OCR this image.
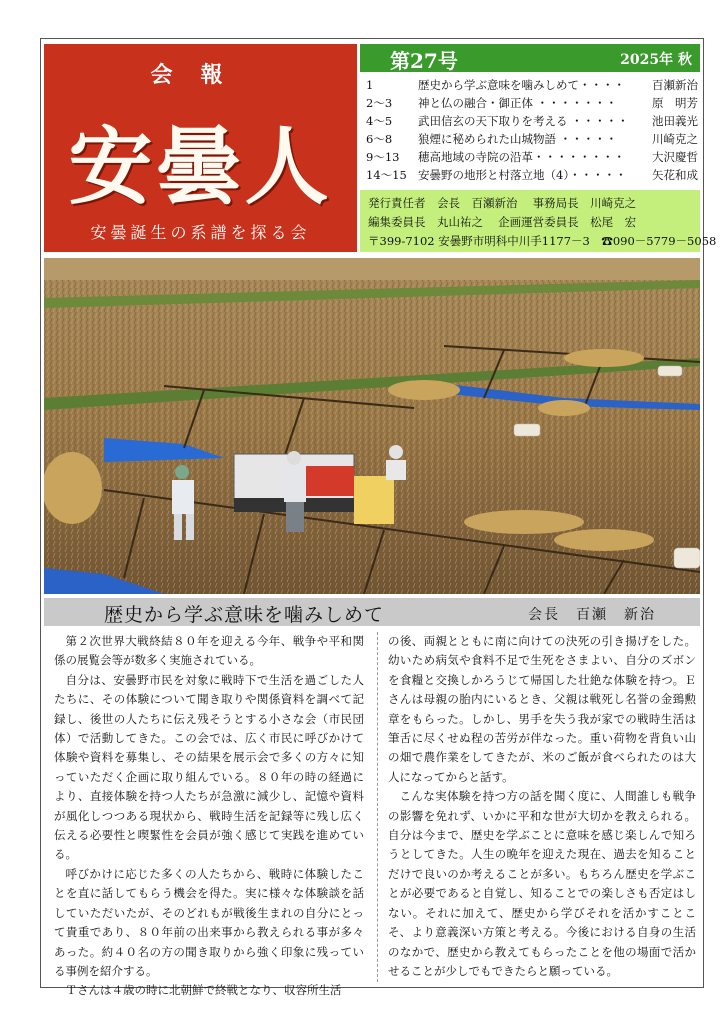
会報
安曇人
安曇誕生の系譜を探る会
第27号	2025年 秋
1	歴史から学ぶ意味を噛みしめて・・・・ 百瀬新治
2～3	神と仏の融合・御正体 ・・・・・・・	原　明芳
4～5	武田信玄の天下取りを考える ・・・・・ 池田義光
6～8	狼煙に秘められた山城物語 ・・・・・	川崎克之
9～13	穂高地域の寺院の沿革・・・・・・・・ 大沢慶哲
14～15 安曇野の地形と村落立地（4）・・・・・ 矢花和成
発行責任者　会長　百瀬新治　 事務局長　川崎克之
編集委員長　丸山祐之　 企画運営委員長　松尾　宏
〒399-7102 安曇野市明科中川手1177－3　☎090－5779－5058
歴史から学ぶ意味を噛みしめて	会長　百瀬　新治

第２次世界大戦終結８０年を迎える今年、戦争や平和関係の展覧会等が数多く実施されている。

自分は、安曇野市民を対象に戦時下で生活を過ごした人たちに、その体験について聞き取りや関係資料を調べて記録し、後世の人たちに伝え残そうとする小さな会（市民団体）で活動してきた。この会では、広く市民に呼びかけて体験や資料を募集し、その結果を展示会で多くの方々に知っていただく企画に取り組んでいる。８０年の時の経過により、直接体験を持つ人たちが急激に減少し、記憶や資料が風化しつつある現状から、戦時生活を記録等に残し広く伝える必要性と喫緊性を会員が強く感じて実践を進めている。

呼びかけに応じた多くの人たちから、戦時に体験したことを直に話してもらう機会を得た。実に様々な体験談を話していただいたが、そのどれもが戦後生まれの自分にとって貴重であり、８０年前の出来事から教えられる事が多々あった。約４０名の方の聞き取りから強く印象に残っている事例を紹介する。

Ｔさんは４歳の時に北朝鮮で終戦となり、収容所生活

の後、両親とともに南に向けての決死の引き揚げをした。幼いため病気や食料不足で生死をさまよい、自分のズボンを食糧と交換しかろうじて帰国した壮絶な体験を持つ。Ｅさんは母親の胎内にいるとき、父親は戦死し名誉の金鵄勲章をもらった。しかし、男手を失う我が家での戦時生活は筆舌に尽くせぬ程の苦労が伴なった。重い荷物を背負い山の畑で農作業をしてきたが、米のご飯が食べられたのは大人になってからと話す。

こんな実体験を持つ方の話を聞く度に、人間誰しも戦争の影響を免れず、いかに平和な世が大切かを教えられる。自分は今まで、歴史を学ぶことに意味を感じ楽しんで知ろうとしてきた。人生の晩年を迎えた現在、過去を知ることだけで良いのか考えることが多い。もちろん歴史を学ぶことが必要であると自覚し、知ることでの楽しさも否定はしない。それに加えて、歴史から学びそれを活かすことこそ、より意義深い方策と考える。今後における自身の生活のなかで、歴史から教えてもらったことを他の場面で活かせることが少しでもできたらと願っている。
